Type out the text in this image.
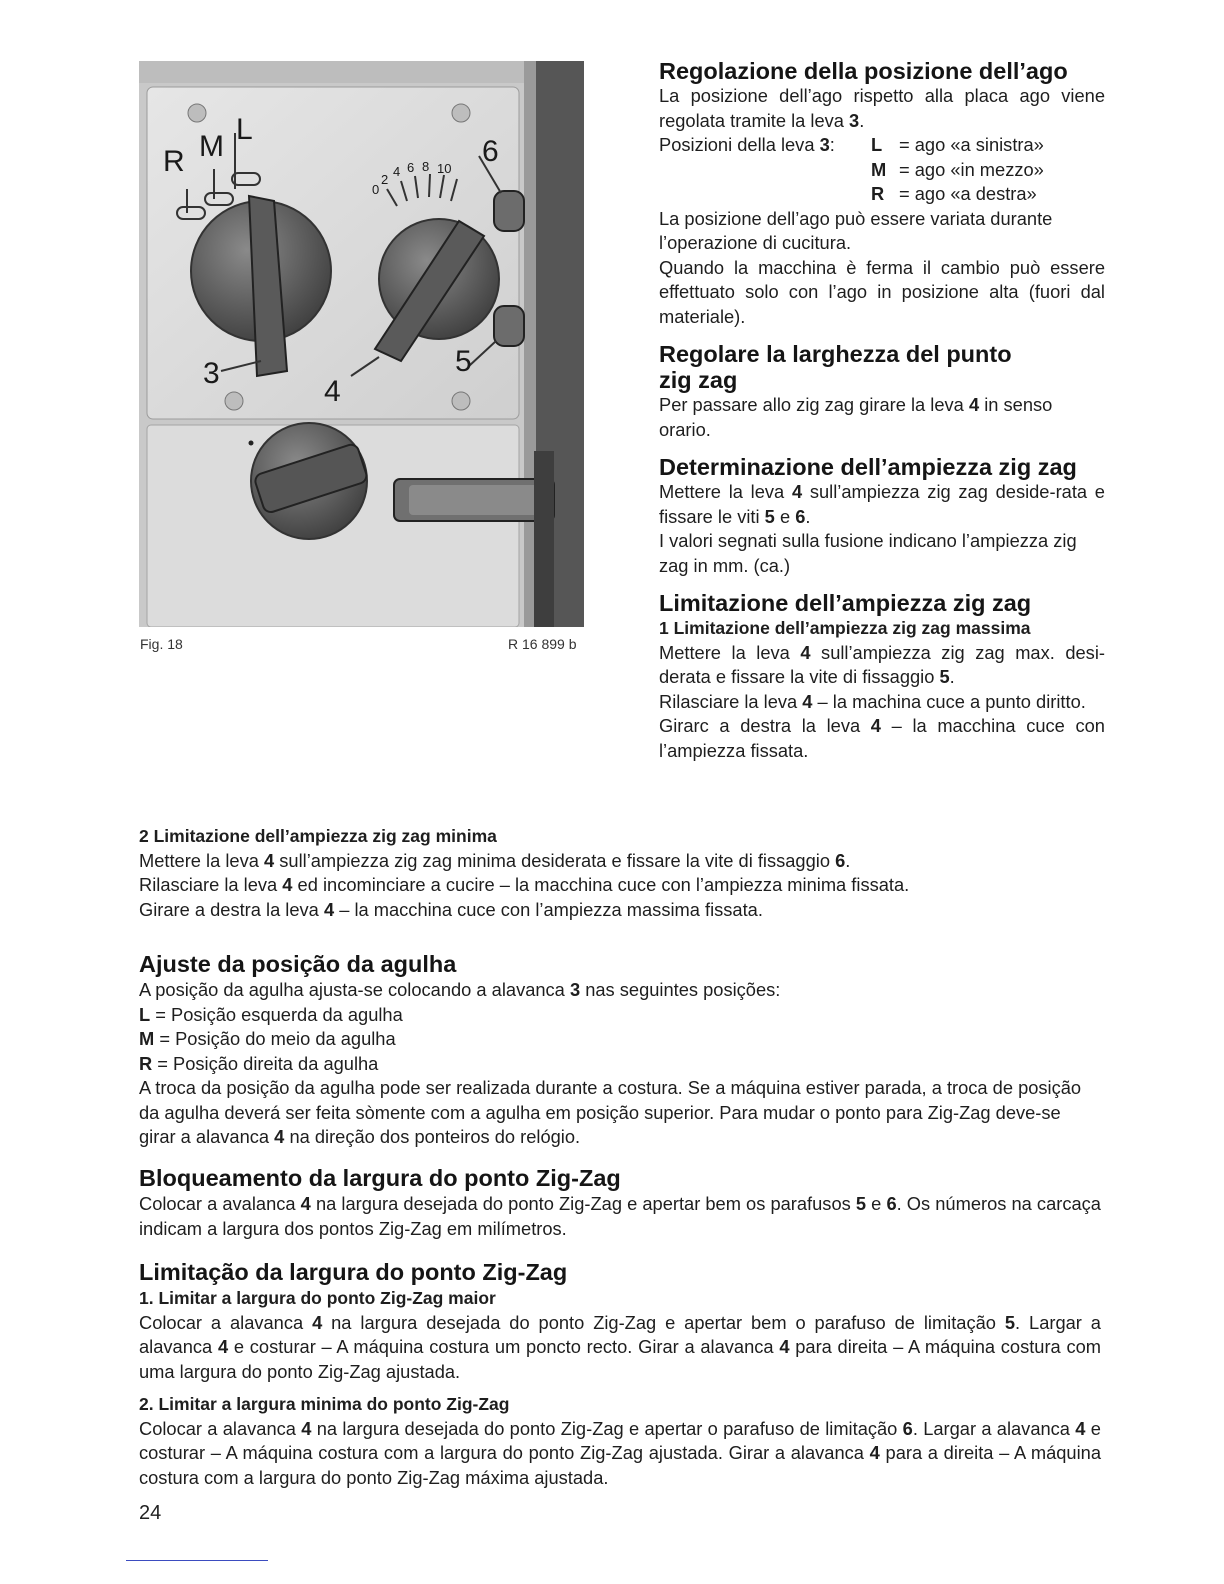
R M
L
6
3
4
5
0
2
4 6 8 10
Fig. 18	R 16 899 b
Regolazione della posizione dell’ago

La posizione dell’ago rispetto alla placa ago viene regolata tramite la leva 3.

Posizioni della leva 3:	L = ago «a sinistra»
M = ago «in mezzo»
R = ago «a destra»

La posizione dell’ago può essere variata durante l’operazione di cucitura.

Quando la macchina è ferma il cambio può essere effettuato solo con l’ago in posizione alta (fuori dal materiale).

Regolare la larghezza del punto
zig zag

Per passare allo zig zag girare la leva 4 in senso orario.

Determinazione dell’ampiezza zig zag

Mettere la leva 4 sull’ampiezza zig zag deside-rata e fissare le viti 5 e 6.

I valori segnati sulla fusione indicano l’ampiezza zig zag in mm. (ca.)

Limitazione dell’ampiezza zig zag

1 Limitazione dell’ampiezza zig zag massima

Mettere la leva 4 sull’ampiezza zig zag max. desi-derata e fissare la vite di fissaggio 5.

Rilasciare la leva 4 – la machina cuce a punto diritto.

Girarc a destra la leva 4 – la macchina cuce con l’ampiezza fissata.

2 Limitazione dell’ampiezza zig zag minima

Mettere la leva 4 sull’ampiezza zig zag minima desiderata e fissare la vite di fissaggio 6.

Rilasciare la leva 4 ed incominciare a cucire – la macchina cuce con l’ampiezza minima fissata.

Girare a destra la leva 4 – la macchina cuce con l’ampiezza massima fissata.

Ajuste da posição da agulha

A posição da agulha ajusta-se colocando a alavanca 3 nas seguintes posições:

L = Posição esquerda da agulha

M = Posição do meio da agulha

R = Posição direita da agulha

A troca da posição da agulha pode ser realizada durante a costura. Se a máquina estiver parada, a troca de posição da agulha deverá ser feita sòmente com a agulha em posição superior. Para mudar o ponto para Zig-Zag deve-se girar a alavanca 4 na direção dos ponteiros do relógio.

Bloqueamento da largura do ponto Zig-Zag

Colocar a avalanca 4 na largura desejada do ponto Zig-Zag e apertar bem os parafusos 5 e 6. Os números na carcaça indicam a largura dos pontos Zig-Zag em milímetros.

Limitação da largura do ponto Zig-Zag

1. Limitar a largura do ponto Zig-Zag maior

Colocar a alavanca 4 na largura desejada do ponto Zig-Zag e apertar bem o parafuso de limitação 5. Largar a alavanca 4 e costurar – A máquina costura um poncto recto. Girar a alavanca 4 para direita – A máquina costura com uma largura do ponto Zig-Zag ajustada.

2. Limitar a largura minima do ponto Zig-Zag

Colocar a alavanca 4 na largura desejada do ponto Zig-Zag e apertar o parafuso de limitação 6. Largar a alavanca 4 e costurar – A máquina costura com a largura do ponto Zig-Zag ajustada. Girar a alavanca 4 para a direita – A máquina costura com a largura do ponto Zig-Zag máxima ajustada.

24
